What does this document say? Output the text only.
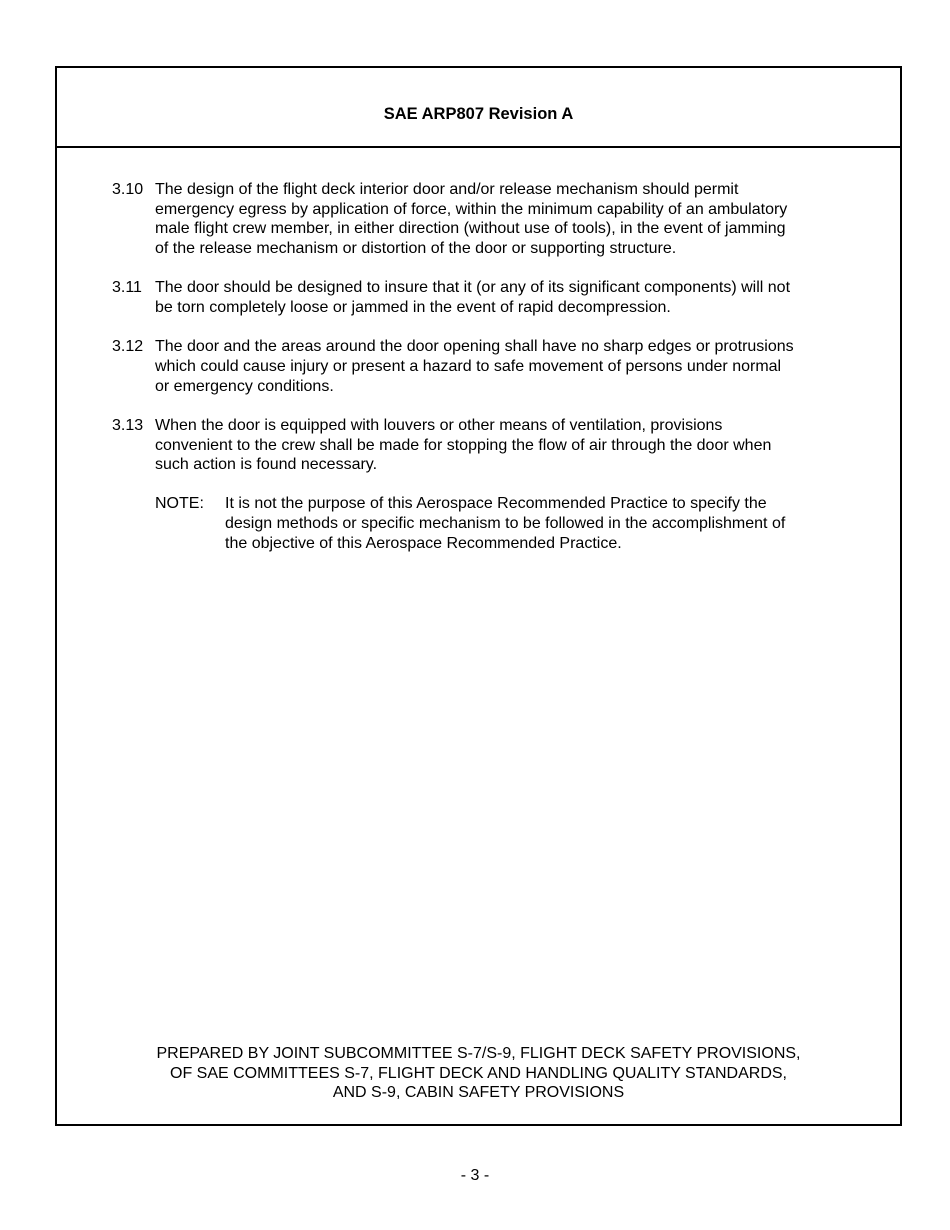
SAE ARP807 Revision A
3.10 The design of the flight deck interior door and/or release mechanism should permit
emergency egress by application of force, within the minimum capability of an ambulatory
male flight crew member, in either direction (without use of tools), in the event of jamming
of the release mechanism or distortion of the door or supporting structure.
3.11 The door should be designed to insure that it (or any of its significant components) will not
be torn completely loose or jammed in the event of rapid decompression.
3.12 The door and the areas around the door opening shall have no sharp edges or protrusions
which could cause injury or present a hazard to safe movement of persons under normal
or emergency conditions.
3.13 When the door is equipped with louvers or other means of ventilation, provisions
convenient to the crew shall be made for stopping the flow of air through the door when
such action is found necessary.
NOTE:	It is not the purpose of this Aerospace Recommended Practice to specify the
design methods or specific mechanism to be followed in the accomplishment of
the objective of this Aerospace Recommended Practice.
PREPARED BY JOINT SUBCOMMITTEE S-7/S-9, FLIGHT DECK SAFETY PROVISIONS,
OF SAE COMMITTEES S-7, FLIGHT DECK AND HANDLING QUALITY STANDARDS,
AND S-9, CABIN SAFETY PROVISIONS
- 3 -
